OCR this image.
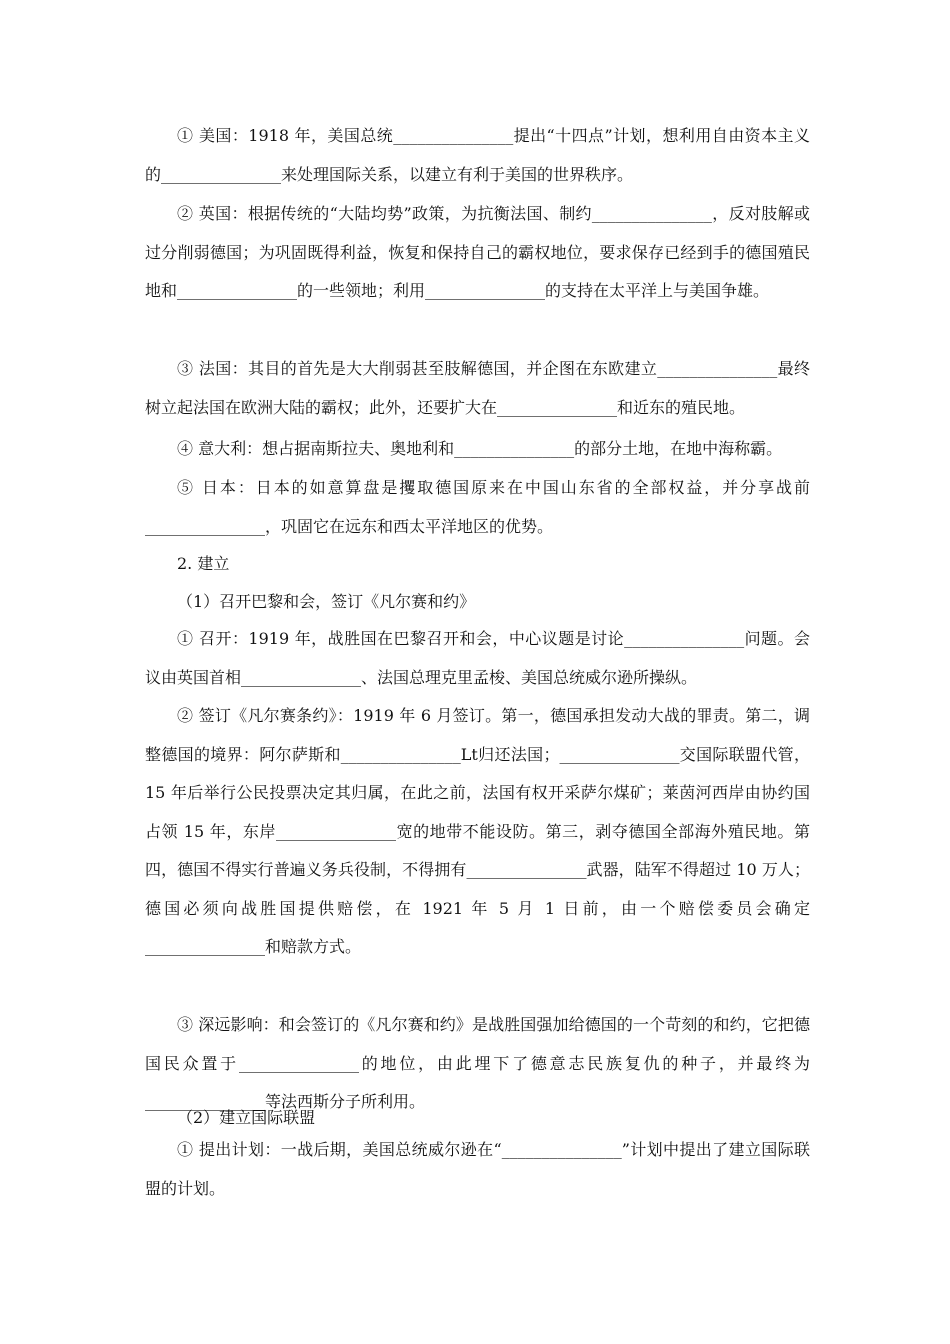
① 美国：1918 年，美国总统_______________提出“十四点”计划，想利用自由资本主义的_______________来处理国际关系，以建立有利于美国的世界秩序。
② 英国：根据传统的“大陆均势”政策，为抗衡法国、制约_______________，反对肢解或过分削弱德国；为巩固既得利益，恢复和保持自己的霸权地位，要求保存已经到手的德国殖民地和_______________的一些领地；利用_______________的支持在太平洋上与美国争雄。
③ 法国：其目的首先是大大削弱甚至肢解德国，并企图在东欧建立_______________最终树立起法国在欧洲大陆的霸权；此外，还要扩大在_______________和近东的殖民地。
④ 意大利：想占据南斯拉夫、奥地利和_______________的部分土地，在地中海称霸。
⑤ 日本：日本的如意算盘是攫取德国原来在中国山东省的全部权益，并分享战前_______________，巩固它在远东和西太平洋地区的优势。
2. 建立
（1）召开巴黎和会，签订《凡尔赛和约》
① 召开：1919 年，战胜国在巴黎召开和会，中心议题是讨论_______________问题。会议由英国首相_______________、法国总理克里孟梭、美国总统威尔逊所操纵。
② 签订《凡尔赛条约》：1919 年 6 月签订。第一，德国承担发动大战的罪责。第二，调整德国的境界：阿尔萨斯和_______________Lt归还法国；_______________交国际联盟代管，15 年后举行公民投票决定其归属，在此之前，法国有权开采萨尔煤矿；莱茵河西岸由协约国占领 15 年，东岸_______________宽的地带不能设防。第三，剥夺德国全部海外殖民地。第四，德国不得实行普遍义务兵役制，不得拥有_______________武器，陆军不得超过 10 万人；德国必须向战胜国提供赔偿，在 1921 年 5 月 1 日前，由一个赔偿委员会确定_______________和赔款方式。
③ 深远影响：和会签订的《凡尔赛和约》是战胜国强加给德国的一个苛刻的和约，它把德国民众置于_______________的地位，由此埋下了德意志民族复仇的种子，并最终为_______________等法西斯分子所利用。
（2）建立国际联盟
① 提出计划：一战后期，美国总统威尔逊在“_______________”计划中提出了建立国际联盟的计划。
